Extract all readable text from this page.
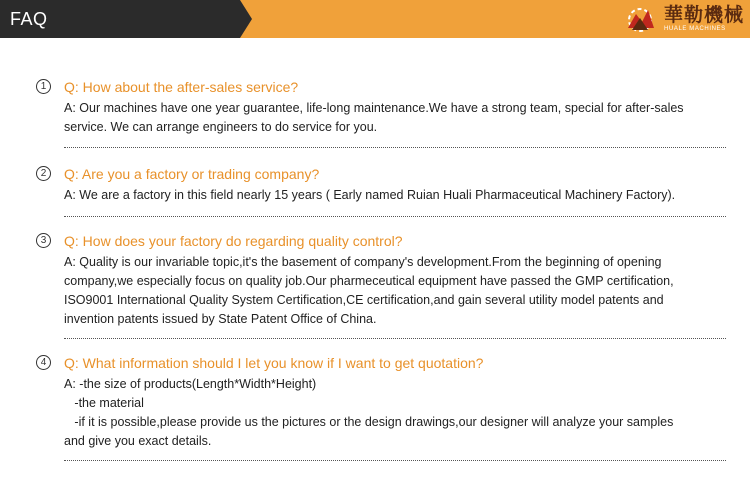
FAQ	華勒機械
HUALE MACHINES
1	Q: How about the after-sales service?
A: Our machines have one year guarantee, life-long maintenance.We have a strong team, special for after-sales
service. We can arrange engineers to do service for you.
2	Q: Are you a factory or trading company?
A: We are a factory in this field nearly 15 years ( Early named Ruian Huali Pharmaceutical Machinery Factory).
3	Q: How does your factory do regarding quality control?
A: Quality is our invariable topic,it's the basement of company's development.From the beginning of opening
company,we especially focus on quality job.Our pharmeceutical equipment have passed the GMP certification,
ISO9001 International Quality System Certification,CE certification,and gain several utility model patents and
invention patents issued by State Patent Office of China.
4	Q: What information should I let you know if I want to get quotation?
A: -the size of products(Length*Width*Height)
-the material
-if it is possible,please provide us the pictures or the design drawings,our designer will analyze your samples
and give you exact details.
